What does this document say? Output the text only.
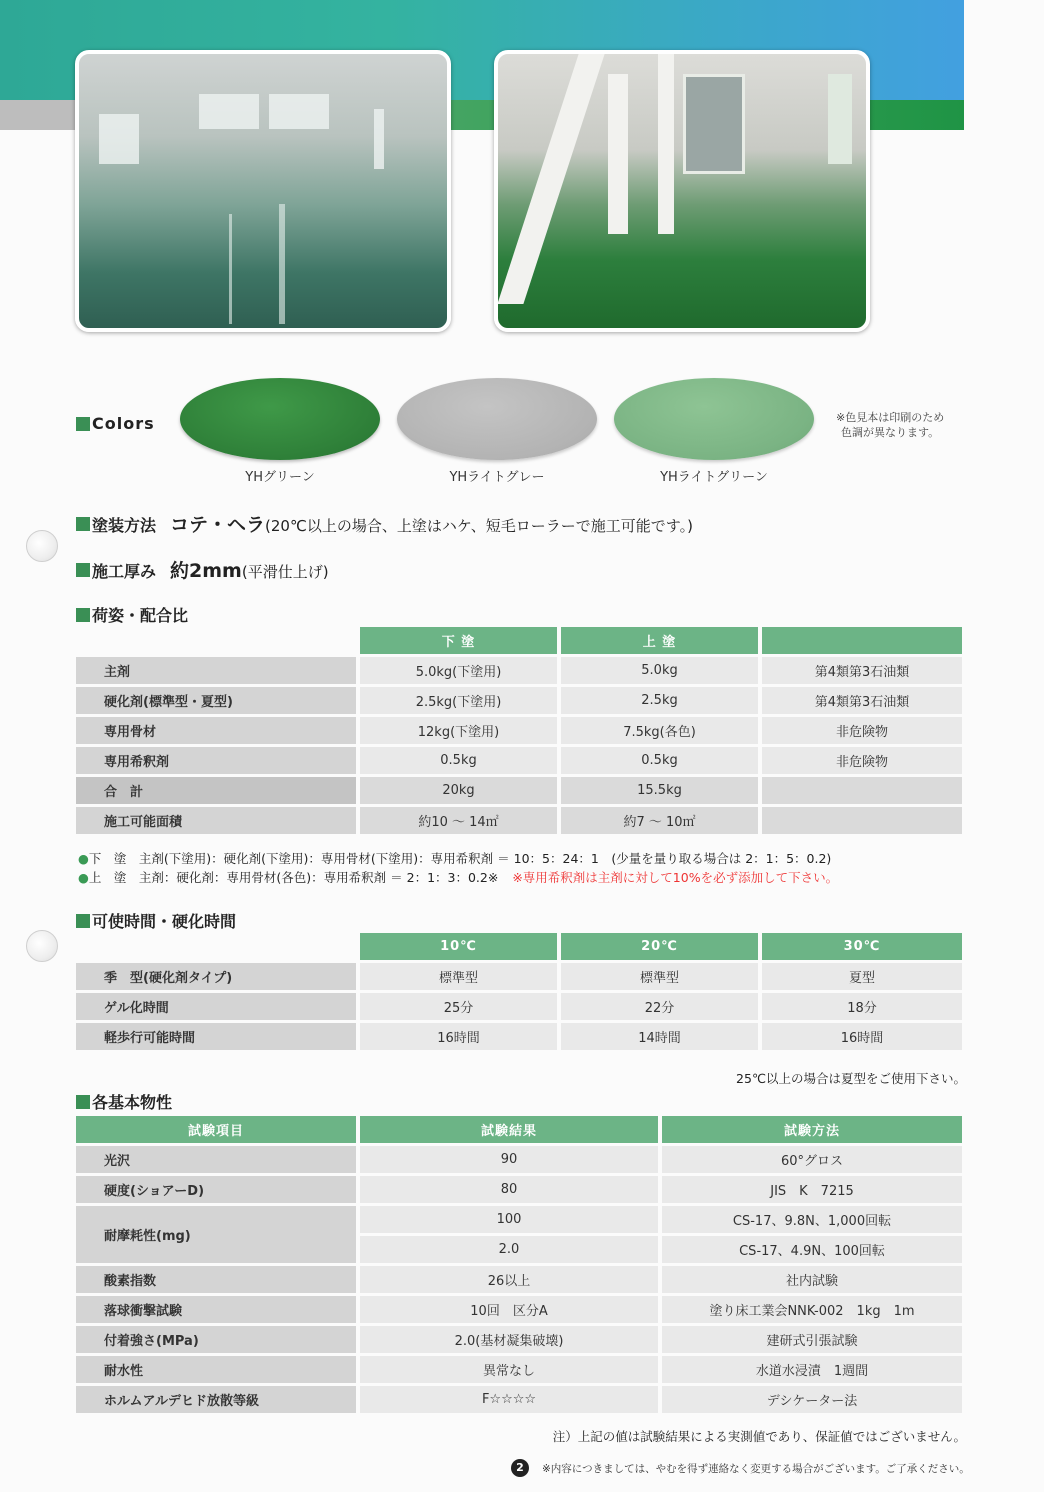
Colors
YHグリーン	YHライトグレー	YHライトグリーン
※色見本は印刷のため
色調が異なります。
塗装方法 コテ・ヘラ (20℃以上の場合、上塗はハケ、短毛ローラーで施工可能です。)
施工厚み 約2mm (平滑仕上げ)
荷姿・配合比
	下 塗	上 塗	
主剤	5.0kg(下塗用)	5.0kg	第4類第3石油類
硬化剤(標準型・夏型)	2.5kg(下塗用)	2.5kg	第4類第3石油類
専用骨材	12kg(下塗用)	7.5kg(各色)	非危険物
専用希釈剤	0.5kg	0.5kg	非危険物
合　計	20kg	15.5kg	
施工可能面積	約10 〜 14㎡	約7 〜 10㎡	
●下　塗　主剤(下塗用)：硬化剤(下塗用)：専用骨材(下塗用)：専用希釈剤 ＝ 10：5：24：1　(少量を量り取る場合は 2：1：5：0.2)
●上　塗　主剤：硬化剤：専用骨材(各色)：専用希釈剤 ＝ 2：1：3：0.2※ ※専用希釈剤は主剤に対して10%を必ず添加して下さい。
可使時間・硬化時間
	10℃	20℃	30℃
季　型(硬化剤タイプ)	標準型	標準型	夏型
ゲル化時間	25分	22分	18分
軽歩行可能時間	16時間	14時間	16時間
25℃以上の場合は夏型をご使用下さい。
各基本物性
試験項目	試験結果	試験方法
光沢	90	60°グロス
硬度(ショアーD)	80	JIS　K　7215
耐摩耗性(mg)	100	CS-17、9.8N、1,000回転
	2.0	CS-17、4.9N、100回転
酸素指数	26以上	社内試験
落球衝撃試験	10回　区分A	塗り床工業会NNK-002　1kg　1m
付着強さ(MPa)	2.0(基材凝集破壊)	建研式引張試験
耐水性	異常なし	水道水浸漬　1週間
ホルムアルデヒド放散等級	F☆☆☆☆	デシケーター法
注）上記の値は試験結果による実測値であり、保証値ではございません。
2	※内容につきましては、やむを得ず連絡なく変更する場合がございます。ご了承ください。
